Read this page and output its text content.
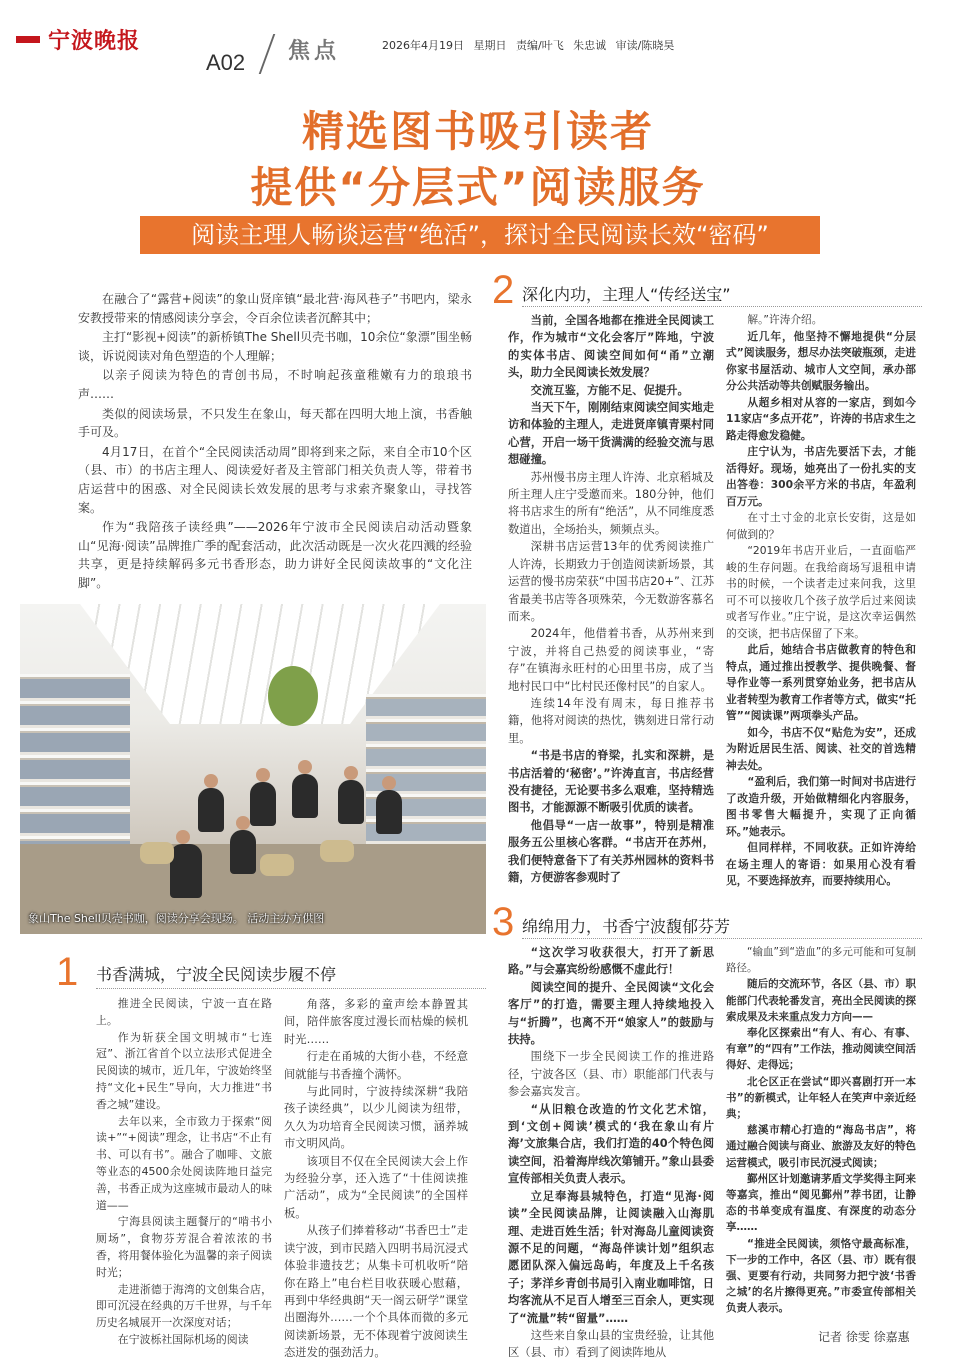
宁波晚报
A02 焦点	2026年4月19日 星期日 责编/叶飞 朱忠诚 审读/陈晓昊
精选图书吸引读者
提供“分层式”阅读服务
阅读主理人畅谈运营“绝活”，探讨全民阅读长效“密码”

在融合了“露营+阅读”的象山贤庠镇“最北营·海风巷子”书吧内，梁永安教授带来的情感阅读分享会，令百余位读者沉醉其中；

主打“影视+阅读”的新桥镇The Shell贝壳书咖，10余位“象漂”围坐畅谈，诉说阅读对角色塑造的个人理解；

以亲子阅读为特色的青创书局，不时响起孩童稚嫩有力的琅琅书声……

类似的阅读场景，不只发生在象山，每天都在四明大地上演，书香触手可及。

4月17日，在首个“全民阅读活动周”即将到来之际，来自全市10个区（县、市）的书店主理人、阅读爱好者及主管部门相关负责人等，带着书店运营中的困惑、对全民阅读长效发展的思考与求索齐聚象山，寻找答案。

作为“我陪孩子读经典”——2026年宁波市全民阅读启动活动暨象山“见海·阅读”品牌推广季的配套活动，此次活动既是一次火花四溅的经验共享，更是持续解码多元书香形态，助力讲好全民阅读故事的“文化注脚”。

象山The Shell贝壳书咖，阅读分享会现场。 活动主办方供图
1 书香满城，宁波全民阅读步履不停

推进全民阅读，宁波一直在路上。

作为斩获全国文明城市“七连冠”、浙江省首个以立法形式促进全民阅读的城市，近几年，宁波始终坚持“文化+民生”导向，大力推进“书香之城”建设。

去年以来，全市致力于探索“阅读+”“+阅读”理念，让书店“不止有书、可以有书”。融合了咖啡、文旅等业态的4500余处阅读阵地日益完善，书香正成为这座城市最动人的味道——

宁海县阅读主题餐厅的“啃书小厕场”，食物芬芳混合着浓浓的书香，将用餐体验化为温馨的亲子阅读时光；

走进浙德于海湾的文创集合店，即可沉浸在经典的万千世界，与千年历史名城展开一次深度对话；

在宁波栎社国际机场的阅读

角落，多彩的童声绘本静置其间，陪伴旅客度过漫长而枯燥的候机时光……

行走在甬城的大街小巷，不经意间就能与书香撞个满怀。

与此同时，宁波持续深耕“我陪孩子读经典”，以少儿阅读为纽带，久久为功培育全民阅读习惯，涵养城市文明风尚。

该项目不仅在全民阅读大会上作为经验分享，还入选了“十佳阅读推广活动”，成为“全民阅读”的全国样板。

从孩子们捧着移动“书香巴士”走读宁波，到市民踏入四明书局沉浸式体验非遗技艺；从集卡可机收听“陪你在路上”电台栏目收获暖心慰藉，再到中华经典朗“天一阁云研学”课堂出圈海外……一个个具体而微的多元阅读新场景，无不体现着宁波阅读生态迸发的强劲活力。

2 深化内功，主理人“传经送宝”

当前，全国各地都在推进全民阅读工作，作为城市“文化会客厅”阵地，宁波的实体书店、阅读空间如何“甬”立潮头，助力全民阅读长效发展？

交流互鉴，方能不足、促提升。

当天下午，刚刚结束阅读空间实地走访和体验的主理人，走进贤庠镇青栗村同心营，开启一场干货满满的经验交流与思想碰撞。

苏州慢书房主理人许涛、北京稻城及所主理人庄宁受邀而来。180分钟，他们将书店求生的所有“绝活”，从不同维度悉数道出，全场抬头，频频点头。

深耕书店运营13年的优秀阅读推广人许涛，长期致力于创造阅读新场景，其运营的慢书房荣获“中国书店20+”、江苏省最美书店等各项殊荣，今无数游客慕名而来。

2024年，他借着书香，从苏州来到宁波，并将自己热爱的阅读事业，“寄存”在镇海永旺村的心田里书房，成了当地村民口中“比村民还像村民”的自家人。

连续14年没有周末，每日推荐书籍，他将对阅读的热忱，镌刻进日常行动里。

“书是书店的脊梁，扎实和深耕，是书店活着的‘秘密’。”许涛直言，书店经营没有捷径，无论要书多么艰难，坚持精选图书，才能源源不断吸引优质的读者。

他倡导“一店一故事”，特别是精准服务五公里核心客群。“书店开在苏州，我们便特意备下了有关苏州园林的资料书籍，方便游客参观时了

解。”许涛介绍。

近几年，他坚持不懈地提供“分层式”阅读服务，想尽办法突破瓶颈，走进你家书屋活动、城市人文空间，承办部分公共活动等共创赋服务输出。

从超乡相对从容的一家店，到如今11家店“多点开花”，许涛的书店求生之路走得愈发稳健。

庄宁认为，书店先要活下去，才能活得好。现场，她亮出了一份扎实的支出答卷：300余平方米的书店，年盈利百万元。

在寸土寸金的北京长安街，这是如何做到的？

“2019年书店开业后，一直面临严峻的生存问题。在我给商场写退租申请书的时候，一个读者走过来问我，这里可不可以接收几个孩子放学后过来阅读或者写作业。”庄宁说，是这次幸运偶然的交谈，把书店保留了下来。

此后，她结合书店做教育的特色和特点，通过推出授教学、提供晚餐、督导作业等一系列贯穿始业务，把书店从业者转型为教育工作者等方式，做实“托管”“阅读课”两项拳头产品。

如今，书店不仅“贴危为安”，还成为附近居民生活、阅读、社交的首选精神去处。

“盈利后，我们第一时间对书店进行了改造升级，开始做精细化内容服务，图书零售大幅提升，实现了正向循环。”她表示。

但同样样，不同收获。正如许涛给在场主理人的寄语：如果用心没有看见，不要选择放弃，而要持续用心。

3 绵绵用力，书香宁波馥郁芬芳

“这次学习收获很大，打开了新思路。”与会嘉宾纷纷感慨不虚此行！

阅读空间的提升、全民阅读“文化会客厅”的打造，需要主理人持续地投入与“折腾”，也离不开“娘家人”的鼓励与扶持。

围绕下一步全民阅读工作的推进路径，宁波各区（县、市）职能部门代表与参会嘉宾发言。

“从旧粮仓改造的竹文化艺术馆，到‘文创+阅读’模式的‘我在象山有片海’文旅集合店，我们打造的40个特色阅读空间，沿着海岸线次第铺开。”象山县委宣传部相关负责人表示。

立足奉海县城特色，打造“见海·阅读”全民阅读品牌，让阅读融入山海肌理、走进百姓生活；针对海岛儿童阅读资源不足的问题，“海岛伴读计划”组织志愿团队深入偏远岛屿，年度及上千名孩子；茅洋乡青创书局引入南业咖啡馆，日均客流从不足百人增至三百余人，更实现了“流量”转“留量”……

这些来自象山县的宝贵经验，让其他区（县、市）看到了阅读阵地从

“输血”到“造血”的多元可能和可复制路径。

随后的交流环节，各区（县、市）职能部门代表轮番发言，亮出全民阅读的探索成果及未来重点发力方向——

奉化区探索出“有人、有心、有事、有章”的“四有”工作法，推动阅读空间活得好、走得远；

北仑区正在尝试“即兴喜剧打开一本书”的新模式，让年轻人在笑声中亲近经典；

慈溪市精心打造的“海岛书店”，将通过融合阅读与商业、旅游及友好的特色运营模式，吸引市民沉浸式阅读；

鄞州区计划邀请茅盾文学奖得主阿来等嘉宾，推出“阅见鄞州”荐书团，让静态的书单变成有温度、有深度的动态分享……

“推进全民阅读，须恪守最高标准，下一步的工作中，各区（县、市）既有很强、更要有行动，共同努力把宁波‘书香之城’的名片擦得更亮。”市委宣传部相关负责人表示。

记者 徐雯 徐嘉惠
